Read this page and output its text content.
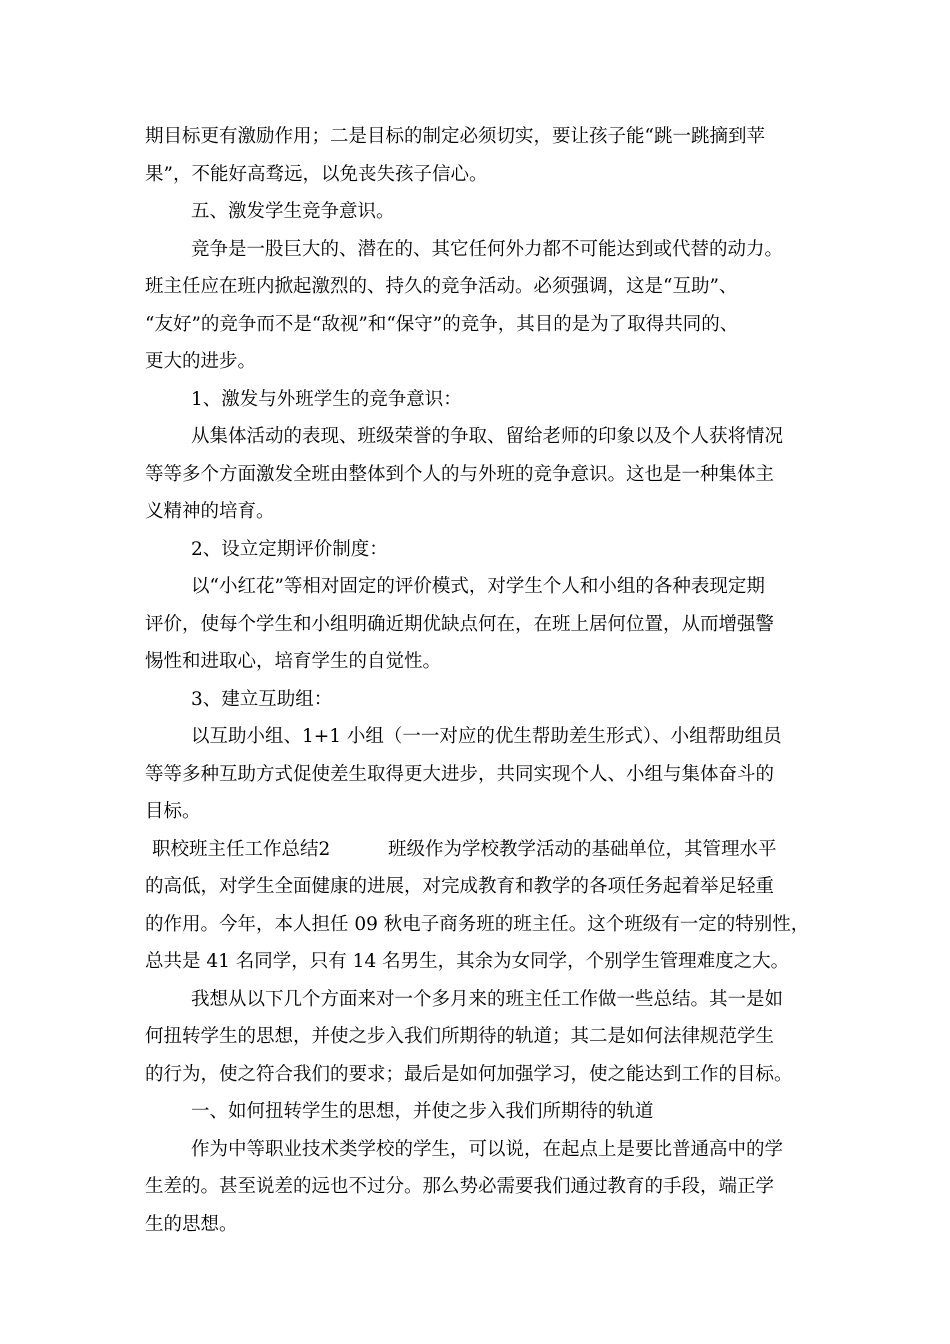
期目标更有激励作用；二是目标的制定必须切实，要让孩子能“跳一跳摘到苹
果”，不能好高骛远，以免丧失孩子信心。
五、激发学生竞争意识。
竞争是一股巨大的、潜在的、其它任何外力都不可能达到或代替的动力。
班主任应在班内掀起激烈的、持久的竞争活动。必须强调，这是“互助”、
“友好”的竞争而不是“敌视”和“保守”的竞争，其目的是为了取得共同的、
更大的进步。
1、激发与外班学生的竞争意识：
从集体活动的表现、班级荣誉的争取、留给老师的印象以及个人获将情况
等等多个方面激发全班由整体到个人的与外班的竞争意识。这也是一种集体主
义精神的培育。
2、设立定期评价制度：
以“小红花”等相对固定的评价模式，对学生个人和小组的各种表现定期
评价，使每个学生和小组明确近期优缺点何在，在班上居何位置，从而增强警
惕性和进取心，培育学生的自觉性。
3、建立互助组：
以互助小组、1+1 小组（一一对应的优生帮助差生形式）、小组帮助组员
等等多种互助方式促使差生取得更大进步，共同实现个人、小组与集体奋斗的
目标。
职校班主任工作总结2	班级作为学校教学活动的基础单位，其管理水平
的高低，对学生全面健康的进展，对完成教育和教学的各项任务起着举足轻重
的作用。今年，本人担任 09 秋电子商务班的班主任。这个班级有一定的特别性，
总共是 41 名同学，只有 14 名男生，其余为女同学，个别学生管理难度之大。
我想从以下几个方面来对一个多月来的班主任工作做一些总结。其一是如
何扭转学生的思想，并使之步入我们所期待的轨道；其二是如何法律规范学生
的行为，使之符合我们的要求；最后是如何加强学习，使之能达到工作的目标。
一、如何扭转学生的思想，并使之步入我们所期待的轨道
作为中等职业技术类学校的学生，可以说，在起点上是要比普通高中的学
生差的。甚至说差的远也不过分。那么势必需要我们通过教育的手段，端正学
生的思想。
